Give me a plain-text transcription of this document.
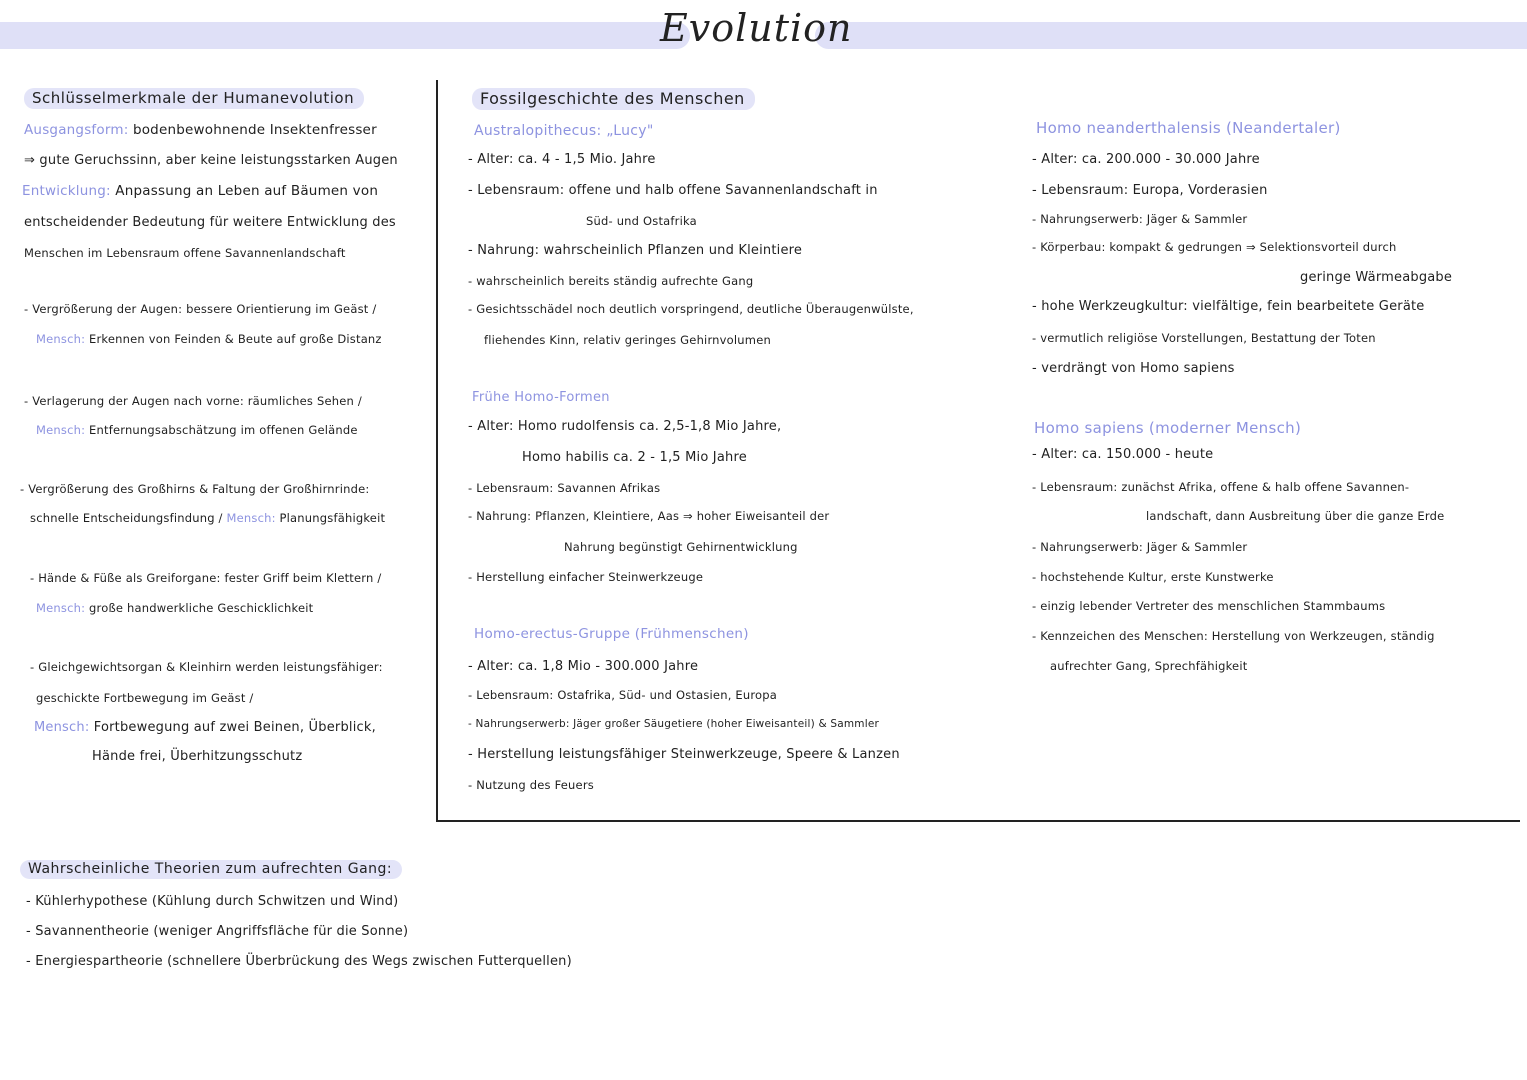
Evolution
Schlüsselmerkmale der Humanevolution
Ausgangsform: bodenbewohnende Insektenfresser
⇒ gute Geruchssinn, aber keine leistungsstarken Augen
Entwicklung: Anpassung an Leben auf Bäumen von
entscheidender Bedeutung für weitere Entwicklung des
Menschen im Lebensraum offene Savannenlandschaft
- Vergrößerung der Augen: bessere Orientierung im Geäst /
Mensch: Erkennen von Feinden & Beute auf große Distanz
- Verlagerung der Augen nach vorne: räumliches Sehen /
Mensch: Entfernungsabschätzung im offenen Gelände
- Vergrößerung des Großhirns & Faltung der Großhirnrinde:
schnelle Entscheidungsfindung / Mensch: Planungsfähigkeit
- Hände & Füße als Greiforgane: fester Griff beim Klettern /
Mensch: große handwerkliche Geschicklichkeit
- Gleichgewichtsorgan & Kleinhirn werden leistungsfähiger:
geschickte Fortbewegung im Geäst /
Mensch: Fortbewegung auf zwei Beinen, Überblick,
Hände frei, Überhitzungsschutz
Fossilgeschichte des Menschen
Australopithecus: „Lucy"
- Alter: ca. 4 - 1,5 Mio. Jahre
- Lebensraum: offene und halb offene Savannenlandschaft in
Süd- und Ostafrika
- Nahrung: wahrscheinlich Pflanzen und Kleintiere
- wahrscheinlich bereits ständig aufrechte Gang
- Gesichtsschädel noch deutlich vorspringend, deutliche Überaugenwülste,
fliehendes Kinn, relativ geringes Gehirnvolumen
Frühe Homo-Formen
- Alter: Homo rudolfensis ca. 2,5-1,8 Mio Jahre,
Homo habilis ca. 2 - 1,5 Mio Jahre
- Lebensraum: Savannen Afrikas
- Nahrung: Pflanzen, Kleintiere, Aas ⇒ hoher Eiweisanteil der
Nahrung begünstigt Gehirnentwicklung
- Herstellung einfacher Steinwerkzeuge
Homo-erectus-Gruppe (Frühmenschen)
- Alter: ca. 1,8 Mio - 300.000 Jahre
- Lebensraum: Ostafrika, Süd- und Ostasien, Europa
- Nahrungserwerb: Jäger großer Säugetiere (hoher Eiweisanteil) & Sammler
- Herstellung leistungsfähiger Steinwerkzeuge, Speere & Lanzen
- Nutzung des Feuers
Homo neanderthalensis (Neandertaler)
- Alter: ca. 200.000 - 30.000 Jahre
- Lebensraum: Europa, Vorderasien
- Nahrungserwerb: Jäger & Sammler
- Körperbau: kompakt & gedrungen ⇒ Selektionsvorteil durch
geringe Wärmeabgabe
- hohe Werkzeugkultur: vielfältige, fein bearbeitete Geräte
- vermutlich religiöse Vorstellungen, Bestattung der Toten
- verdrängt von Homo sapiens
Homo sapiens (moderner Mensch)
- Alter: ca. 150.000 - heute
- Lebensraum: zunächst Afrika, offene & halb offene Savannen-
landschaft, dann Ausbreitung über die ganze Erde
- Nahrungserwerb: Jäger & Sammler
- hochstehende Kultur, erste Kunstwerke
- einzig lebender Vertreter des menschlichen Stammbaums
- Kennzeichen des Menschen: Herstellung von Werkzeugen, ständig
aufrechter Gang, Sprechfähigkeit
Wahrscheinliche Theorien zum aufrechten Gang:
- Kühlerhypothese (Kühlung durch Schwitzen und Wind)
- Savannentheorie (weniger Angriffsfläche für die Sonne)
- Energiespartheorie (schnellere Überbrückung des Wegs zwischen Futterquellen)
